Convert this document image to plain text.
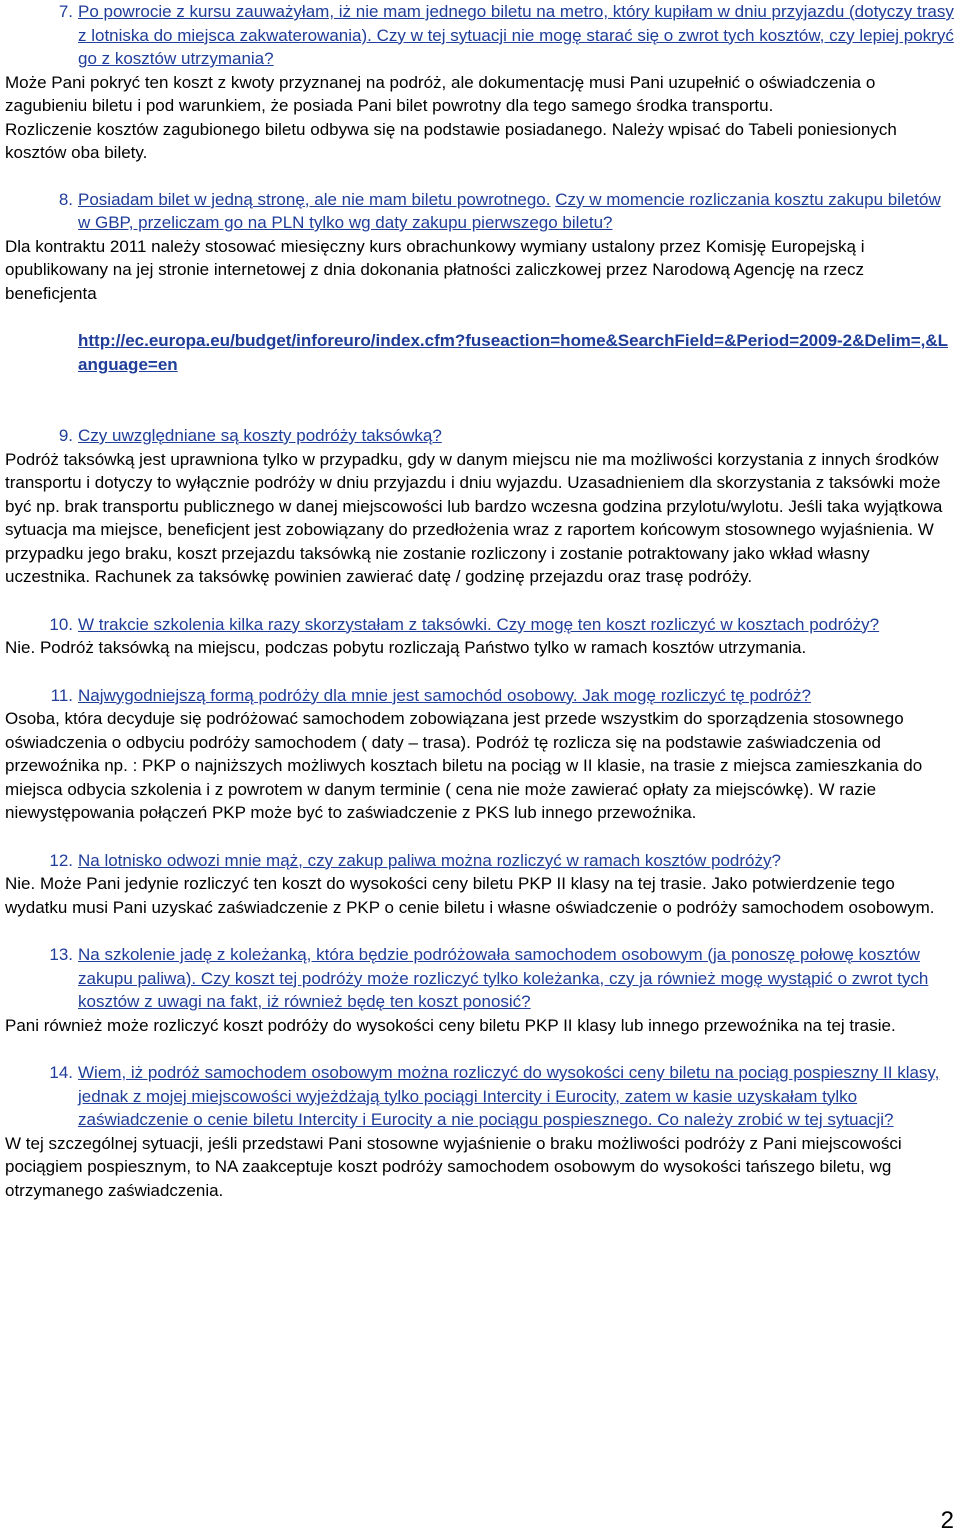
7. Po powrocie z kursu zauważyłam, iż nie mam jednego biletu na metro, który kupiłam w dniu przyjazdu (dotyczy trasy z lotniska do miejsca zakwaterowania). Czy w tej sytuacji nie mogę starać się o zwrot tych kosztów, czy lepiej pokryć go z kosztów utrzymania?

Może Pani pokryć ten koszt z kwoty przyznanej na podróż, ale dokumentację musi Pani uzupełnić o oświadczenia o zagubieniu biletu i pod warunkiem, że posiada Pani bilet powrotny dla tego samego środka transportu.

Rozliczenie kosztów zagubionego biletu odbywa się na podstawie posiadanego. Należy wpisać do Tabeli poniesionych kosztów oba bilety.

8. Posiadam bilet w jedną stronę, ale nie mam biletu powrotnego. Czy w momencie rozliczania kosztu zakupu biletów w GBP, przeliczam go na PLN tylko wg daty zakupu pierwszego biletu?

Dla kontraktu 2011 należy stosować miesięczny kurs obrachunkowy wymiany ustalony przez Komisję Europejską i opublikowany na jej stronie internetowej z dnia dokonania płatności zaliczkowej przez Narodową Agencję na rzecz beneficjenta

http://ec.europa.eu/budget/inforeuro/index.cfm?fuseaction=home&SearchField=&Period=2009-2&Delim=,&Language=en

9. Czy uwzględniane są koszty podróży taksówką?

Podróż taksówką jest uprawniona tylko w przypadku, gdy w danym miejscu nie ma możliwości korzystania z innych środków transportu i dotyczy to wyłącznie podróży w dniu przyjazdu i dniu wyjazdu. Uzasadnieniem dla skorzystania z taksówki może być np. brak transportu publicznego w danej miejscowości lub bardzo wczesna godzina przylotu/wylotu. Jeśli taka wyjątkowa sytuacja ma miejsce, beneficjent jest zobowiązany do przedłożenia wraz z raportem końcowym stosownego wyjaśnienia. W przypadku jego braku, koszt przejazdu taksówką nie zostanie rozliczony i zostanie potraktowany jako wkład własny uczestnika. Rachunek za taksówkę powinien zawierać datę / godzinę przejazdu oraz trasę podróży.

10. W trakcie szkolenia kilka razy skorzystałam z taksówki. Czy mogę ten koszt rozliczyć w kosztach podróży?

Nie. Podróż taksówką na miejscu, podczas pobytu rozliczają Państwo tylko w ramach kosztów utrzymania.

11. Najwygodniejszą formą podróży dla mnie jest samochód osobowy. Jak mogę rozliczyć tę podróż?

Osoba, która decyduje się podróżować samochodem zobowiązana jest przede wszystkim do sporządzenia stosownego oświadczenia o odbyciu podróży samochodem ( daty – trasa). Podróż tę rozlicza się na podstawie zaświadczenia od przewoźnika np. : PKP o najniższych możliwych kosztach biletu na pociąg w II klasie, na trasie z miejsca zamieszkania do miejsca odbycia szkolenia i z powrotem w danym terminie ( cena nie może zawierać opłaty za miejscówkę). W razie niewystępowania połączeń PKP może być to zaświadczenie z PKS lub innego przewoźnika.

12. Na lotnisko odwozi mnie mąż, czy zakup paliwa można rozliczyć w ramach kosztów podróży?

Nie. Może Pani jedynie rozliczyć ten koszt do wysokości ceny biletu PKP II klasy na tej trasie. Jako potwierdzenie tego wydatku musi Pani uzyskać zaświadczenie z PKP o cenie biletu i własne oświadczenie o podróży samochodem osobowym.

13. Na szkolenie jadę z koleżanką, która będzie podróżowała samochodem osobowym (ja ponoszę połowę kosztów zakupu paliwa). Czy koszt tej podróży może rozliczyć tylko koleżanka, czy ja również mogę wystąpić o zwrot tych kosztów z uwagi na fakt, iż również będę ten koszt ponosić?

Pani również może rozliczyć koszt podróży do wysokości ceny biletu PKP II klasy lub innego przewoźnika na tej trasie.

14. Wiem, iż podróż samochodem osobowym można rozliczyć do wysokości ceny biletu na pociąg pospieszny II klasy, jednak z mojej miejscowości wyjeżdżają tylko pociągi Intercity i Eurocity, zatem w kasie uzyskałam tylko zaświadczenie o cenie biletu Intercity i Eurocity a nie pociągu pospiesznego. Co należy zrobić w tej sytuacji?

W tej szczególnej sytuacji, jeśli przedstawi Pani stosowne wyjaśnienie o braku możliwości podróży z Pani miejscowości pociągiem pospiesznym, to NA zaakceptuje koszt podróży samochodem osobowym do wysokości tańszego biletu, wg otrzymanego zaświadczenia.

2
